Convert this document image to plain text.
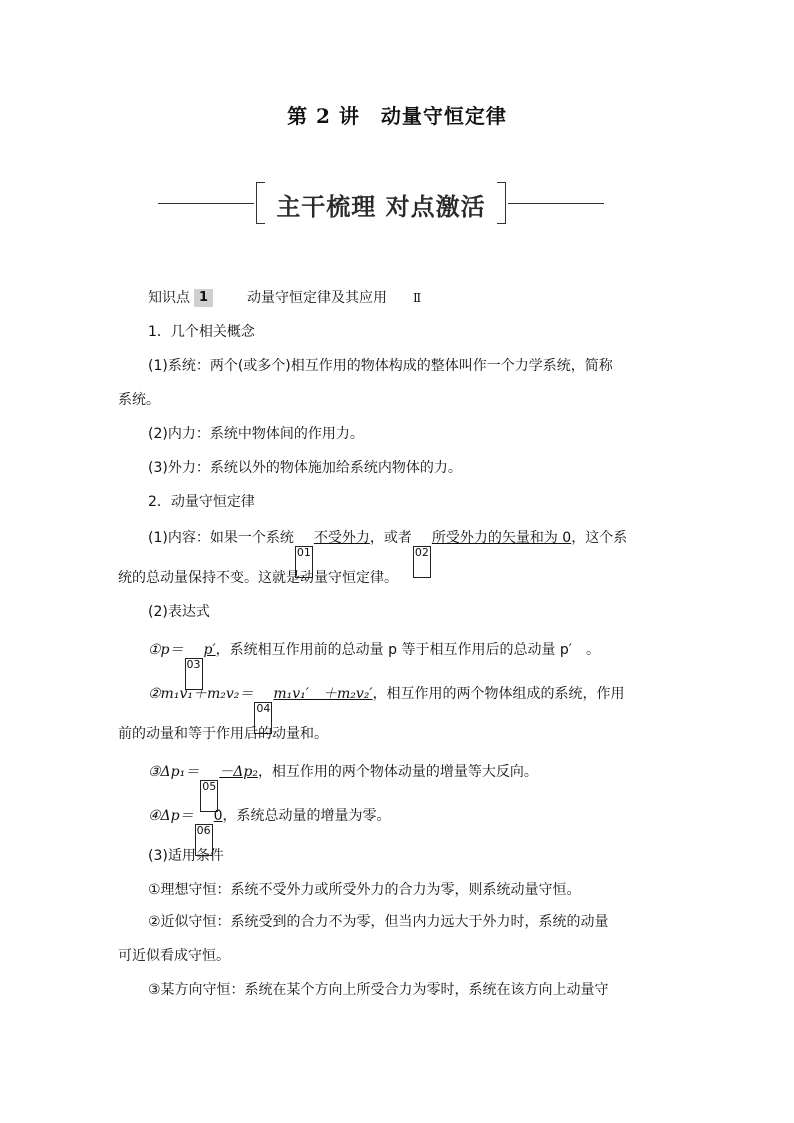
第 2 讲　动量守恒定律
主干梳理 对点激活
知识点 1	动量守恒定律及其应用 Ⅱ
1．几个相关概念
(1)系统：两个(或多个)相互作用的物体构成的整体叫作一个力学系统，简称
系统。
(2)内力：系统中物体间的作用力。
(3)外力：系统以外的物体施加给系统内物体的力。
2．动量守恒定律
(1)内容：如果一个系统01不受外力，或者02所受外力的矢量和为 0，这个系
统的总动量保持不变。这就是动量守恒定律。
(2)表达式
①p＝03p′，系统相互作用前的总动量 p 等于相互作用后的总动量 p′　。
②m₁v₁＋m₂v₂＝04m₁v₁′　＋m₂v₂′，相互作用的两个物体组成的系统，作用
前的动量和等于作用后的动量和。
③Δp₁＝05－Δp₂，相互作用的两个物体动量的增量等大反向。
④Δp＝060，系统总动量的增量为零。
(3)适用条件
①理想守恒：系统不受外力或所受外力的合力为零，则系统动量守恒。
②近似守恒：系统受到的合力不为零，但当内力远大于外力时，系统的动量
可近似看成守恒。
③某方向守恒：系统在某个方向上所受合力为零时，系统在该方向上动量守
